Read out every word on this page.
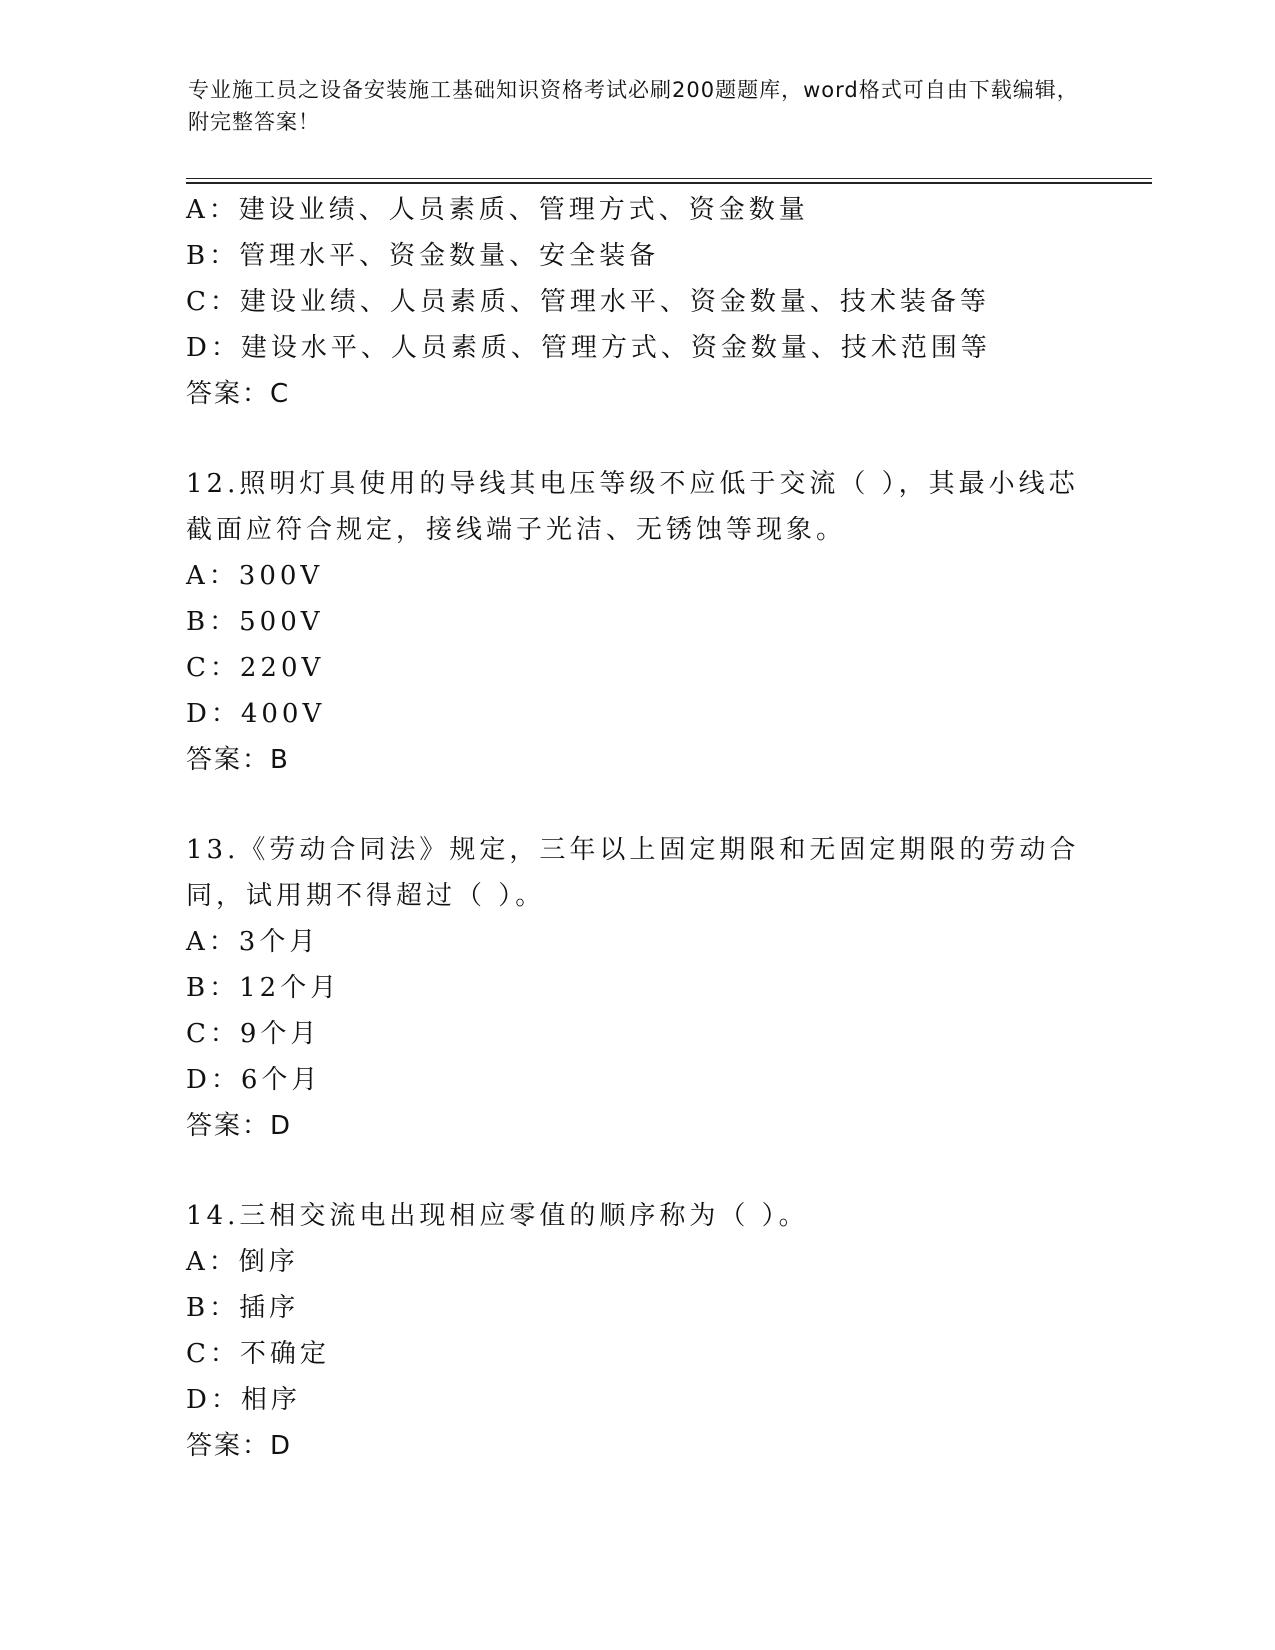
专业施工员之设备安装施工基础知识资格考试必刷200题题库，word格式可自由下载编辑，附完整答案！
A：建设业绩、人员素质、管理方式、资金数量
B：管理水平、资金数量、安全装备
C：建设业绩、人员素质、管理水平、资金数量、技术装备等
D：建设水平、人员素质、管理方式、资金数量、技术范围等
答案：C
12.照明灯具使用的导线其电压等级不应低于交流（ ），其最小线芯截面应符合规定，接线端子光洁、无锈蚀等现象。
A：300V
B：500V
C：220V
D：400V
答案：B
13.《劳动合同法》规定，三年以上固定期限和无固定期限的劳动合同，试用期不得超过（ ）。
A：3个月
B：12个月
C：9个月
D：6个月
答案：D
14.三相交流电出现相应零值的顺序称为（ ）。
A：倒序
B：插序
C：不确定
D：相序
答案：D
